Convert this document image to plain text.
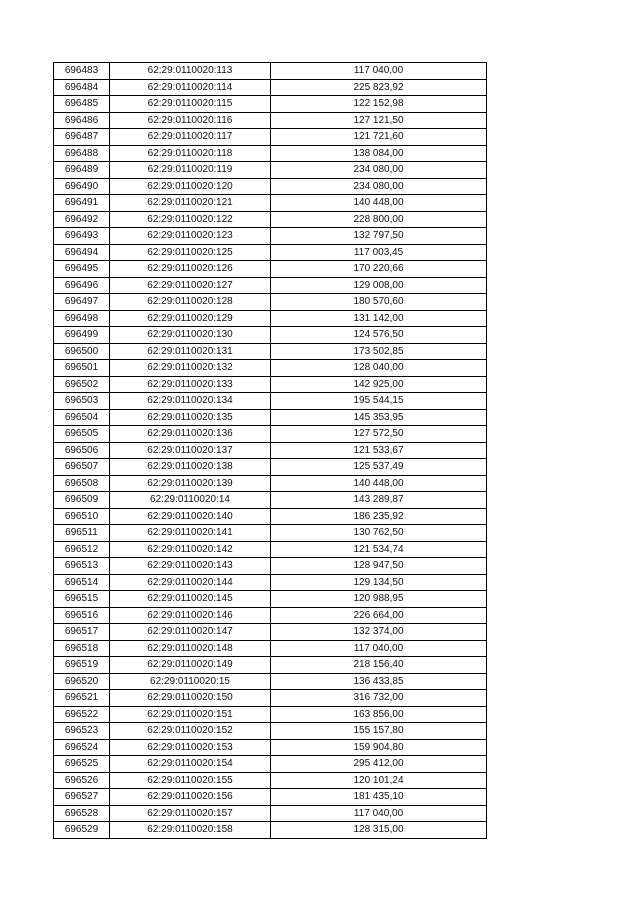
696483	62:29:0110020:113	117 040,00
696484	62:29:0110020:114	225 823,92
696485	62:29:0110020:115	122 152,98
696486	62:29:0110020:116	127 121,50
696487	62:29:0110020:117	121 721,60
696488	62:29:0110020:118	138 084,00
696489	62:29:0110020:119	234 080,00
696490	62:29:0110020:120	234 080,00
696491	62:29:0110020:121	140 448,00
696492	62:29:0110020:122	228 800,00
696493	62:29:0110020:123	132 797,50
696494	62:29:0110020:125	117 003,45
696495	62:29:0110020:126	170 220,66
696496	62:29:0110020:127	129 008,00
696497	62:29:0110020:128	180 570,60
696498	62:29:0110020:129	131 142,00
696499	62:29:0110020:130	124 576,50
696500	62:29:0110020:131	173 502,85
696501	62:29:0110020:132	128 040,00
696502	62:29:0110020:133	142 925,00
696503	62:29:0110020:134	195 544,15
696504	62:29:0110020:135	145 353,95
696505	62:29:0110020:136	127 572,50
696506	62:29:0110020:137	121 533,67
696507	62:29:0110020:138	125 537,49
696508	62:29:0110020:139	140 448,00
696509	62:29:0110020:14	143 289,87
696510	62:29:0110020:140	186 235,92
696511	62:29:0110020:141	130 762,50
696512	62:29:0110020:142	121 534,74
696513	62:29:0110020:143	128 947,50
696514	62:29:0110020:144	129 134,50
696515	62:29:0110020:145	120 988,95
696516	62:29:0110020:146	226 664,00
696517	62:29:0110020:147	132 374,00
696518	62:29:0110020:148	117 040,00
696519	62:29:0110020:149	218 156,40
696520	62:29:0110020:15	136 433,85
696521	62:29:0110020:150	316 732,00
696522	62:29:0110020:151	163 856,00
696523	62:29:0110020:152	155 157,80
696524	62:29:0110020:153	159 904,80
696525	62:29:0110020:154	295 412,00
696526	62:29:0110020:155	120 101,24
696527	62:29:0110020:156	181 435,10
696528	62:29:0110020:157	117 040,00
696529	62:29:0110020:158	128 315,00
